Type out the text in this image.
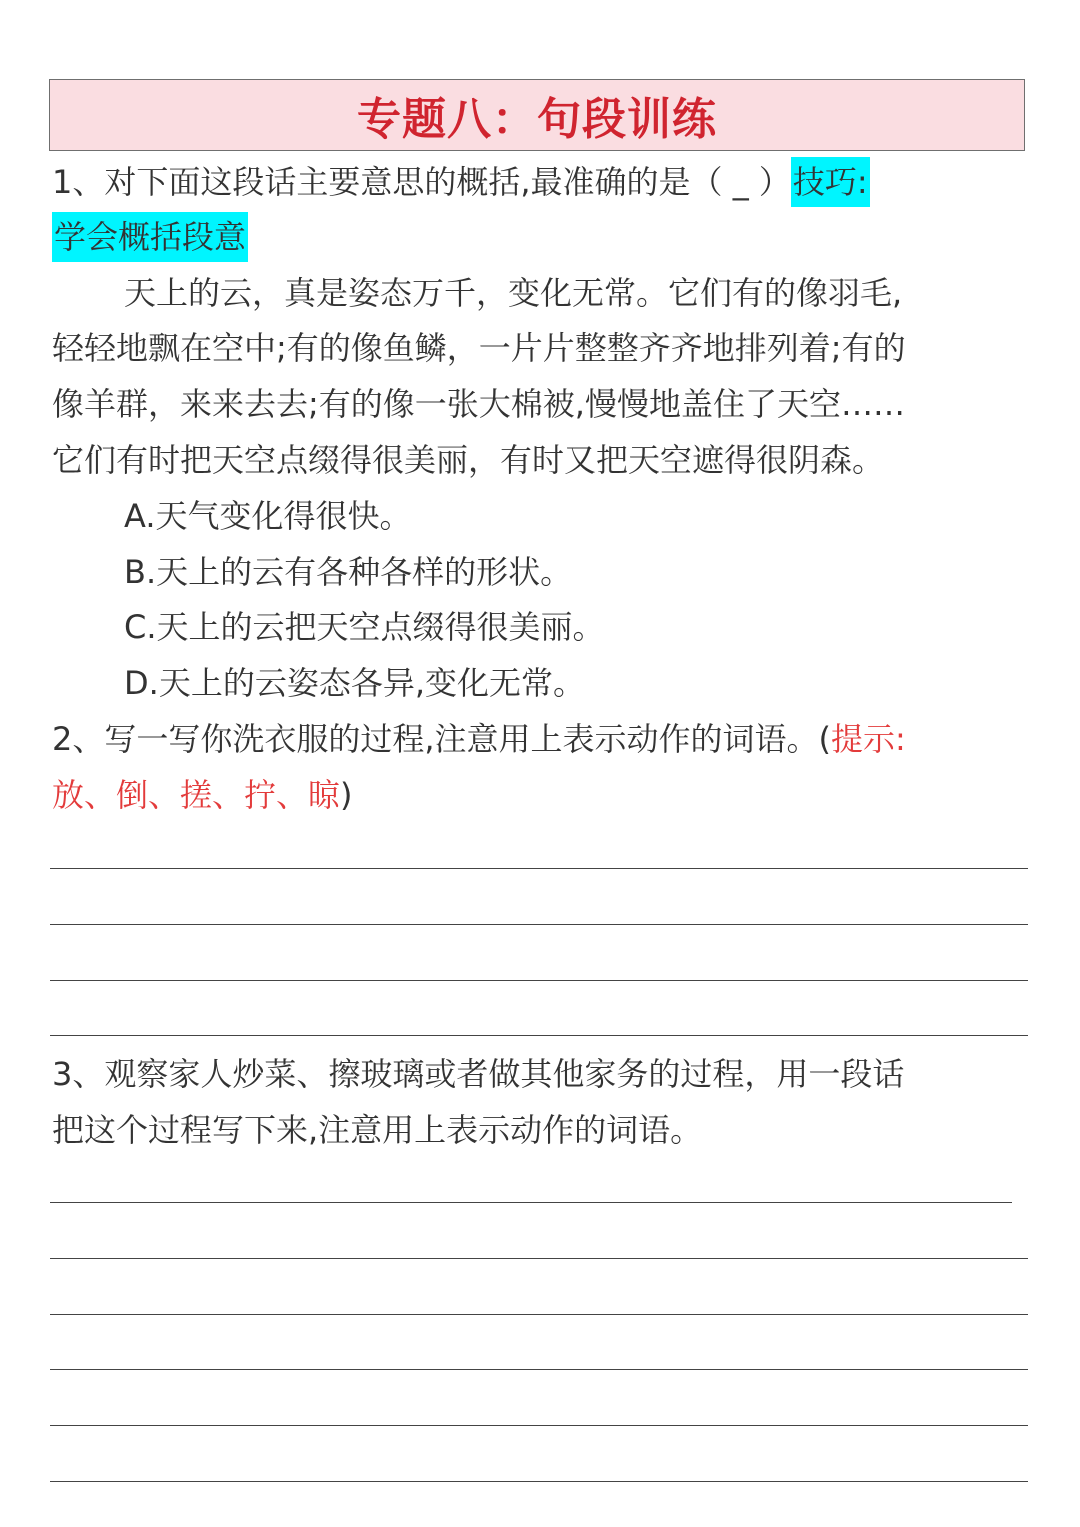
专题八：句段训练
1、对下面这段话主要意思的概括,最准确的是（ _ ）技巧:
学会概括段意
天上的云，真是姿态万千，变化无常。它们有的像羽毛,
轻轻地飘在空中;有的像鱼鳞，一片片整整齐齐地排列着;有的
像羊群，来来去去;有的像一张大棉被,慢慢地盖住了天空……
它们有时把天空点缀得很美丽，有时又把天空遮得很阴森。
A.天气变化得很快。
B.天上的云有各种各样的形状。
C.天上的云把天空点缀得很美丽。
D.天上的云姿态各异,变化无常。
2、写一写你洗衣服的过程,注意用上表示动作的词语。(提示:
放、倒、搓、拧、晾)
3、观察家人炒菜、擦玻璃或者做其他家务的过程，用一段话
把这个过程写下来,注意用上表示动作的词语。
